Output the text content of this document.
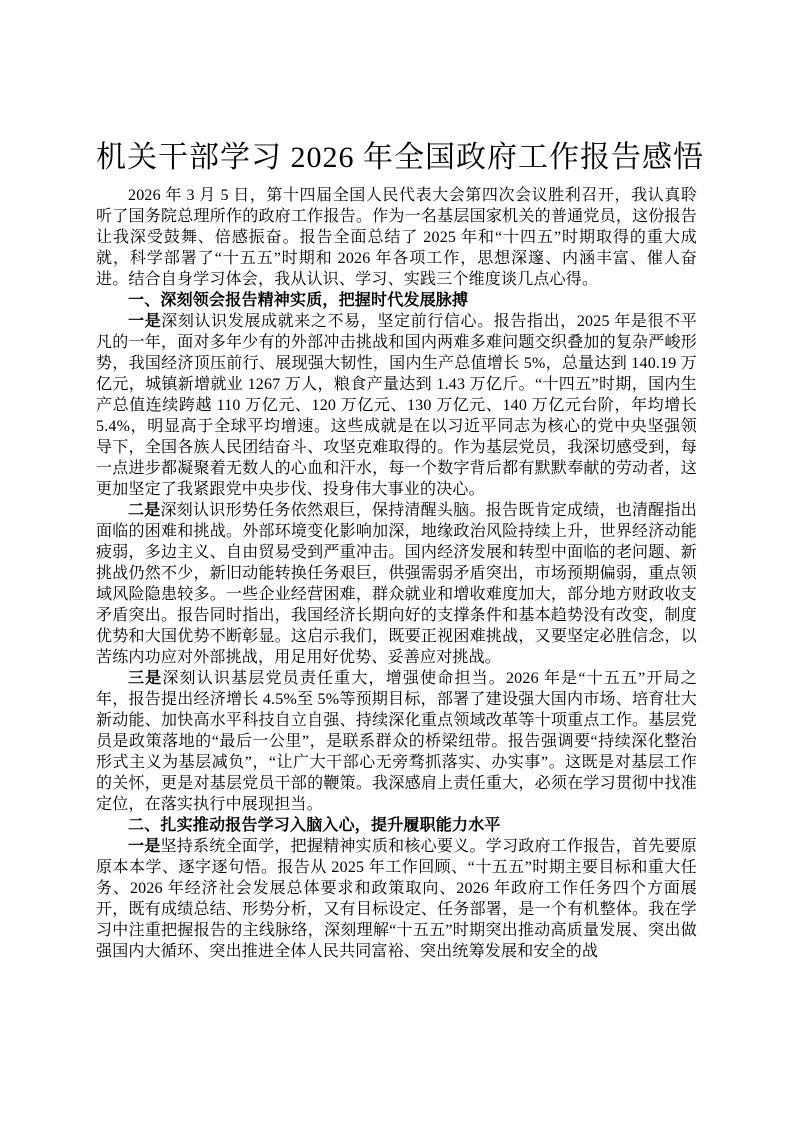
机关干部学习 2026 年全国政府工作报告感悟

2026 年 3 月 5 日，第十四届全国人民代表大会第四次会议胜利召开，我认真聆听了国务院总理所作的政府工作报告。作为一名基层国家机关的普通党员，这份报告让我深受鼓舞、倍感振奋。报告全面总结了 2025 年和“十四五”时期取得的重大成就，科学部署了“十五五”时期和 2026 年各项工作，思想深邃、内涵丰富、催人奋进。结合自身学习体会，我从认识、学习、实践三个维度谈几点心得。

一、深刻领会报告精神实质，把握时代发展脉搏

一是深刻认识发展成就来之不易，坚定前行信心。报告指出，2025 年是很不平凡的一年，面对多年少有的外部冲击挑战和国内两难多难问题交织叠加的复杂严峻形势，我国经济顶压前行、展现强大韧性，国内生产总值增长 5%，总量达到 140.19 万亿元，城镇新增就业 1267 万人，粮食产量达到 1.43 万亿斤。“十四五”时期，国内生产总值连续跨越 110 万亿元、120 万亿元、130 万亿元、140 万亿元台阶，年均增长 5.4%，明显高于全球平均增速。这些成就是在以习近平同志为核心的党中央坚强领导下，全国各族人民团结奋斗、攻坚克难取得的。作为基层党员，我深切感受到，每一点进步都凝聚着无数人的心血和汗水，每一个数字背后都有默默奉献的劳动者，这更加坚定了我紧跟党中央步伐、投身伟大事业的决心。

二是深刻认识形势任务依然艰巨，保持清醒头脑。报告既肯定成绩，也清醒指出面临的困难和挑战。外部环境变化影响加深，地缘政治风险持续上升，世界经济动能疲弱，多边主义、自由贸易受到严重冲击。国内经济发展和转型中面临的老问题、新挑战仍然不少，新旧动能转换任务艰巨，供强需弱矛盾突出，市场预期偏弱，重点领域风险隐患较多。一些企业经营困难，群众就业和增收难度加大，部分地方财政收支矛盾突出。报告同时指出，我国经济长期向好的支撑条件和基本趋势没有改变，制度优势和大国优势不断彰显。这启示我们，既要正视困难挑战，又要坚定必胜信念，以苦练内功应对外部挑战，用足用好优势、妥善应对挑战。

三是深刻认识基层党员责任重大，增强使命担当。2026 年是“十五五”开局之年，报告提出经济增长 4.5%至 5%等预期目标，部署了建设强大国内市场、培育壮大新动能、加快高水平科技自立自强、持续深化重点领域改革等十项重点工作。基层党员是政策落地的“最后一公里”，是联系群众的桥梁纽带。报告强调要“持续深化整治形式主义为基层减负”，“让广大干部心无旁骛抓落实、办实事”。这既是对基层工作的关怀，更是对基层党员干部的鞭策。我深感肩上责任重大，必须在学习贯彻中找准定位，在落实执行中展现担当。

二、扎实推动报告学习入脑入心，提升履职能力水平

一是坚持系统全面学，把握精神实质和核心要义。学习政府工作报告，首先要原原本本学、逐字逐句悟。报告从 2025 年工作回顾、“十五五”时期主要目标和重大任务、2026 年经济社会发展总体要求和政策取向、2026 年政府工作任务四个方面展开，既有成绩总结、形势分析，又有目标设定、任务部署，是一个有机整体。我在学习中注重把握报告的主线脉络，深刻理解“十五五”时期突出推动高质量发展、突出做强国内大循环、突出推进全体人民共同富裕、突出统筹发展和安全的战
